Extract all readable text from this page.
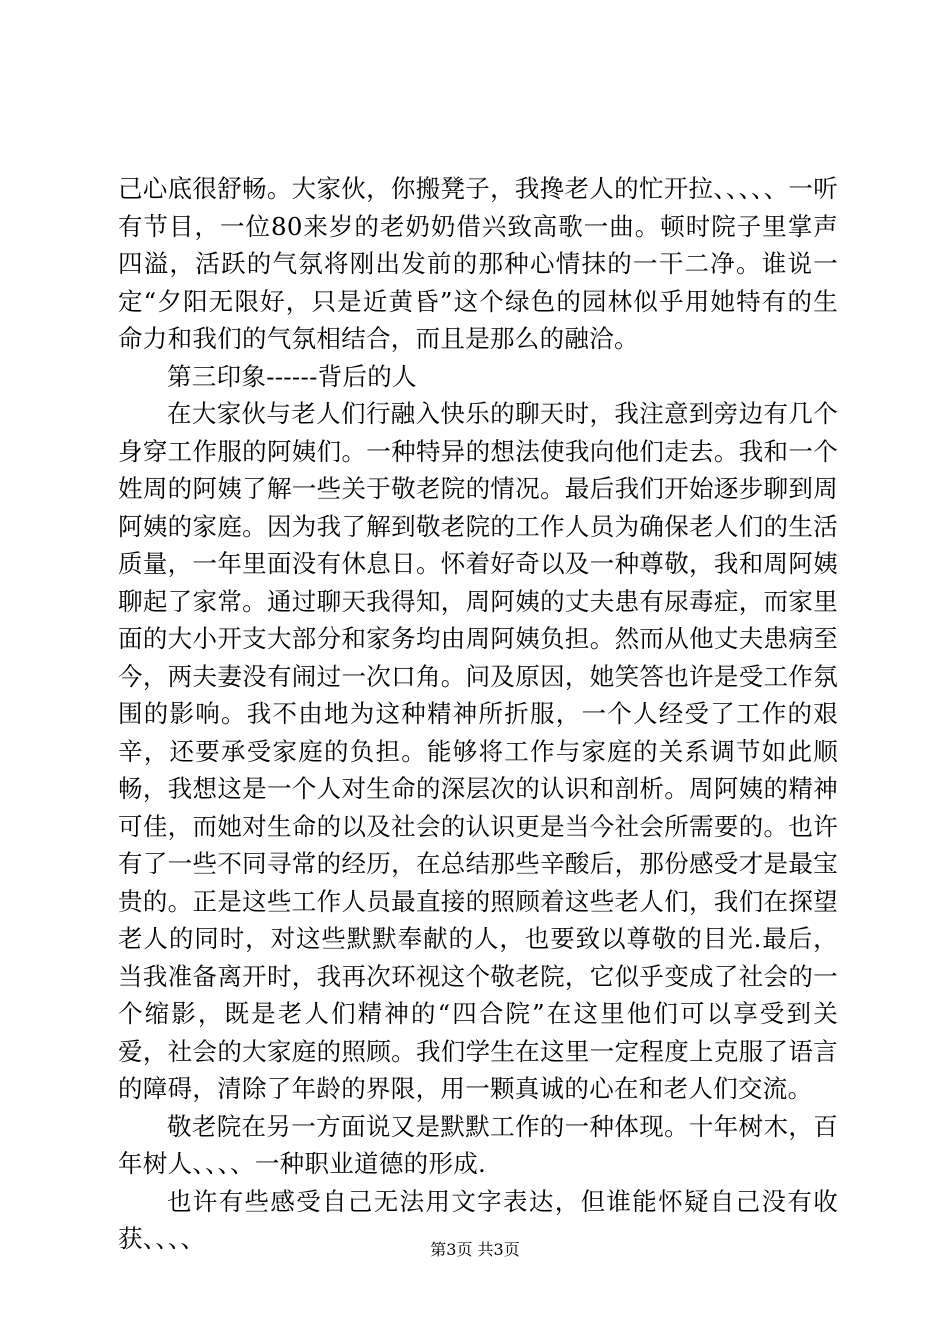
己心底很舒畅。大家伙，你搬凳子，我搀老人的忙开拉、、、、、一听有节目，一位80来岁的老奶奶借兴致高歌一曲。顿时院子里掌声四溢，活跃的气氛将刚出发前的那种心情抹的一干二净。谁说一定“夕阳无限好，只是近黄昏”这个绿色的园林似乎用她特有的生命力和我们的气氛相结合，而且是那么的融洽。

第三印象------背后的人

在大家伙与老人们行融入快乐的聊天时，我注意到旁边有几个身穿工作服的阿姨们。一种特异的想法使我向他们走去。我和一个姓周的阿姨了解一些关于敬老院的情况。最后我们开始逐步聊到周阿姨的家庭。因为我了解到敬老院的工作人员为确保老人们的生活质量，一年里面没有休息日。怀着好奇以及一种尊敬，我和周阿姨聊起了家常。通过聊天我得知，周阿姨的丈夫患有尿毒症，而家里面的大小开支大部分和家务均由周阿姨负担。然而从他丈夫患病至今，两夫妻没有闹过一次口角。问及原因，她笑答也许是受工作氛围的影响。我不由地为这种精神所折服，一个人经受了工作的艰辛，还要承受家庭的负担。能够将工作与家庭的关系调节如此顺畅，我想这是一个人对生命的深层次的认识和剖析。周阿姨的精神可佳，而她对生命的以及社会的认识更是当今社会所需要的。也许有了一些不同寻常的经历，在总结那些辛酸后，那份感受才是最宝贵的。正是这些工作人员最直接的照顾着这些老人们，我们在探望老人的同时，对这些默默奉献的人，也要致以尊敬的目光.最后，当我准备离开时，我再次环视这个敬老院，它似乎变成了社会的一个缩影，既是老人们精神的“四合院”在这里他们可以享受到关爱，社会的大家庭的照顾。我们学生在这里一定程度上克服了语言的障碍，清除了年龄的界限，用一颗真诚的心在和老人们交流。

敬老院在另一方面说又是默默工作的一种体现。十年树木，百年树人、、、、一种职业道德的形成.

也许有些感受自己无法用文字表达，但谁能怀疑自己没有收获、、、、	第3页 共3页
